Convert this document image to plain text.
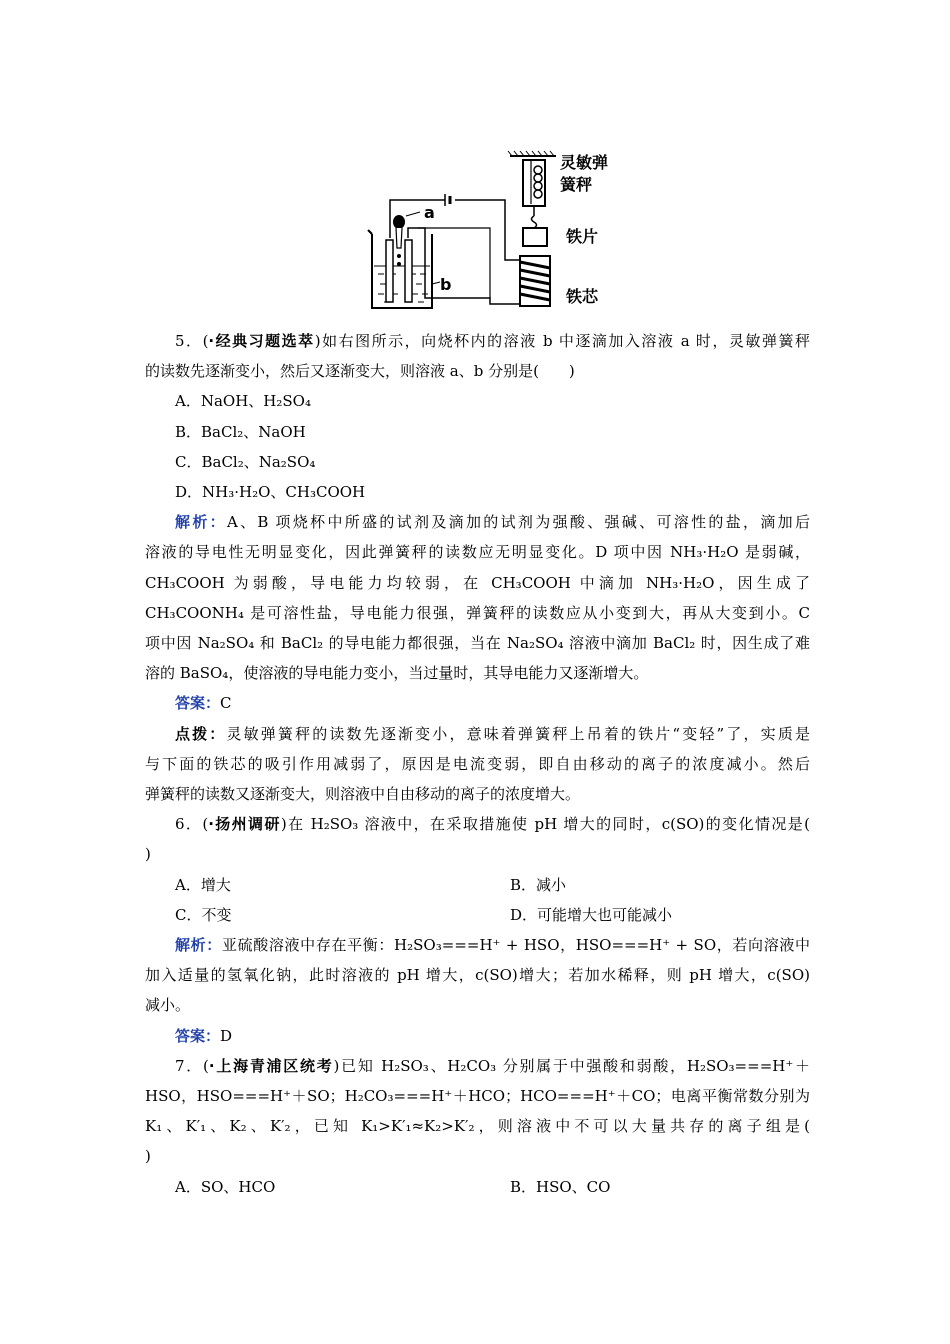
a
b
灵敏弹
簧秤
铁片
铁芯

5．(·经典习题选萃)如右图所示，向烧杯内的溶液 b 中逐滴加入溶液 a 时，灵敏弹簧秤

的读数先逐渐变小，然后又逐渐变大，则溶液 a、b 分别是(　　)

A．NaOH、H₂SO₄

B．BaCl₂、NaOH

C．BaCl₂、Na₂SO₄

D．NH₃·H₂O、CH₃COOH

解析：A、B 项烧杯中所盛的试剂及滴加的试剂为强酸、强碱、可溶性的盐，滴加后

溶液的导电性无明显变化，因此弹簧秤的读数应无明显变化。D 项中因 NH₃·H₂O 是弱碱，

CH₃COOH 为弱酸，导电能力均较弱，在 CH₃COOH 中滴加 NH₃·H₂O，因生成了

CH₃COONH₄ 是可溶性盐，导电能力很强，弹簧秤的读数应从小变到大，再从大变到小。C

项中因 Na₂SO₄ 和 BaCl₂ 的导电能力都很强，当在 Na₂SO₄ 溶液中滴加 BaCl₂ 时，因生成了难

溶的 BaSO₄，使溶液的导电能力变小，当过量时，其导电能力又逐渐增大。

答案：C

点拨：灵敏弹簧秤的读数先逐渐变小，意味着弹簧秤上吊着的铁片“变轻”了，实质是

与下面的铁芯的吸引作用减弱了，原因是电流变弱，即自由移动的离子的浓度减小。然后

弹簧秤的读数又逐渐变大，则溶液中自由移动的离子的浓度增大。

6．(·扬州调研)在 H₂SO₃ 溶液中，在采取措施使 pH 增大的同时，c(SO)的变化情况是(

)

A．增大	B．减小

C．不变	D．可能增大也可能减小

解析：亚硫酸溶液中存在平衡：H₂SO₃===H⁺ + HSO，HSO===H⁺ + SO，若向溶液中

加入适量的氢氧化钠，此时溶液的 pH 增大，c(SO)增大；若加水稀释，则 pH 增大，c(SO)

减小。

答案：D

7．(·上海青浦区统考)已知 H₂SO₃、H₂CO₃ 分别属于中强酸和弱酸，H₂SO₃===H⁺＋

HSO，HSO===H⁺＋SO；H₂CO₃===H⁺＋HCO；HCO===H⁺＋CO；电离平衡常数分别为

K₁、K′₁、K₂、K′₂，已知 K₁>K′₁≈K₂>K′₂，则溶液中不可以大量共存的离子组是(

)

A．SO、HCO	B．HSO、CO
